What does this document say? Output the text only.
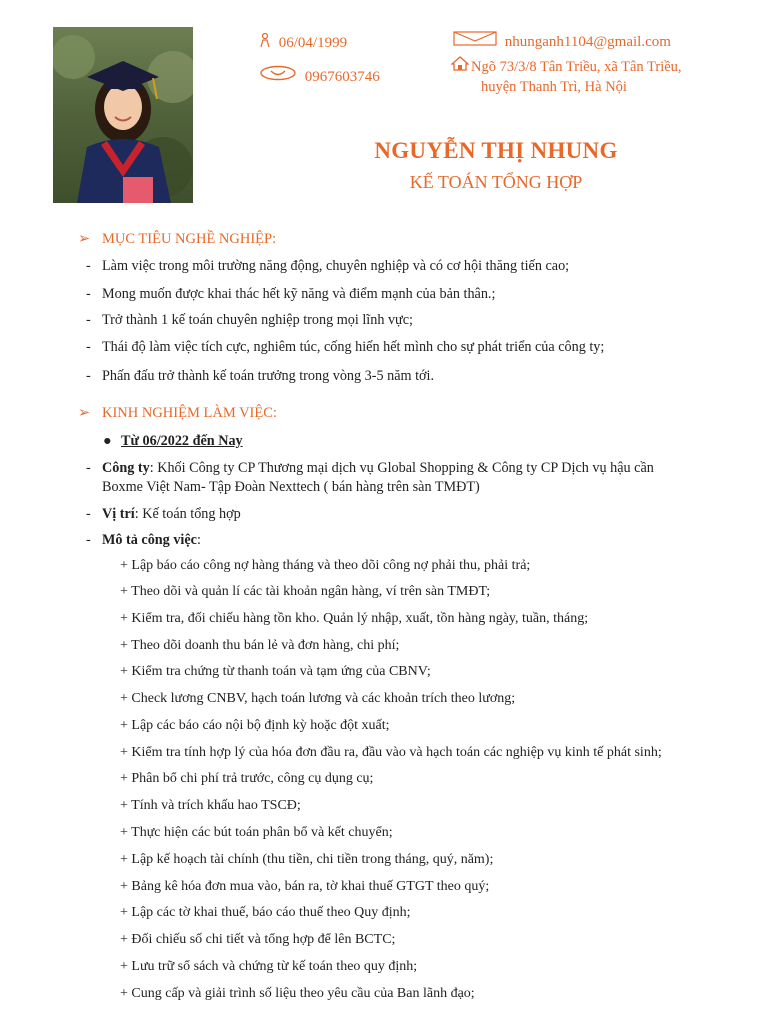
06/04/1999
0967603746
nhunganh1104@gmail.com
Ngõ 73/3/8 Tân Triều, xã Tân Triều,
huyện Thanh Trì, Hà Nội
NGUYỄN THỊ NHUNG
KẾ TOÁN TỔNG HỢP
➢ MỤC TIÊU NGHỀ NGHIỆP:
- Làm việc trong môi trường năng động, chuyên nghiệp và có cơ hội thăng tiến cao;
- Mong muốn được khai thác hết kỹ năng và điểm mạnh của bản thân.;
- Trở thành 1 kế toán chuyên nghiệp trong mọi lĩnh vực;
- Thái độ làm việc tích cực, nghiêm túc, cống hiến hết mình cho sự phát triển của công ty;
- Phấn đấu trở thành kế toán trưởng trong vòng 3-5 năm tới.
➢ KINH NGHIỆM LÀM VIỆC:
● Từ 06/2022 đến Nay
- Công ty: Khối Công ty CP Thương mại dịch vụ Global Shopping & Công ty CP Dịch vụ hậu cần
Boxme Việt Nam- Tập Đoàn Nexttech ( bán hàng trên sàn TMĐT)
- Vị trí: Kế toán tổng hợp
- Mô tả công việc:
+ Lập báo cáo công nợ hàng tháng và theo dõi công nợ phải thu, phải trả;
+ Theo dõi và quản lí các tài khoản ngân hàng, ví trên sàn TMĐT;
+ Kiểm tra, đối chiếu hàng tồn kho. Quản lý nhập, xuất, tồn hàng ngày, tuần, tháng;
+ Theo dõi doanh thu bán lẻ và đơn hàng, chi phí;
+ Kiểm tra chứng từ thanh toán và tạm ứng của CBNV;
+ Check lương CNBV, hạch toán lương và các khoản trích theo lương;
+ Lập các báo cáo nội bộ định kỳ hoặc đột xuất;
+ Kiểm tra tính hợp lý của hóa đơn đầu ra, đầu vào và hạch toán các nghiệp vụ kinh tế phát sinh;
+ Phân bổ chi phí trả trước, công cụ dụng cụ;
+ Tính và trích khấu hao TSCĐ;
+ Thực hiện các bút toán phân bổ và kết chuyển;
+ Lập kế hoạch tài chính (thu tiền, chi tiền trong tháng, quý, năm);
+ Bảng kê hóa đơn mua vào, bán ra, tờ khai thuế GTGT theo quý;
+ Lập các tờ khai thuế, báo cáo thuế theo Quy định;
+ Đối chiếu số chi tiết và tổng hợp để lên BCTC;
+ Lưu trữ sổ sách và chứng từ kế toán theo quy định;
+ Cung cấp và giải trình số liệu theo yêu cầu của Ban lãnh đạo;
